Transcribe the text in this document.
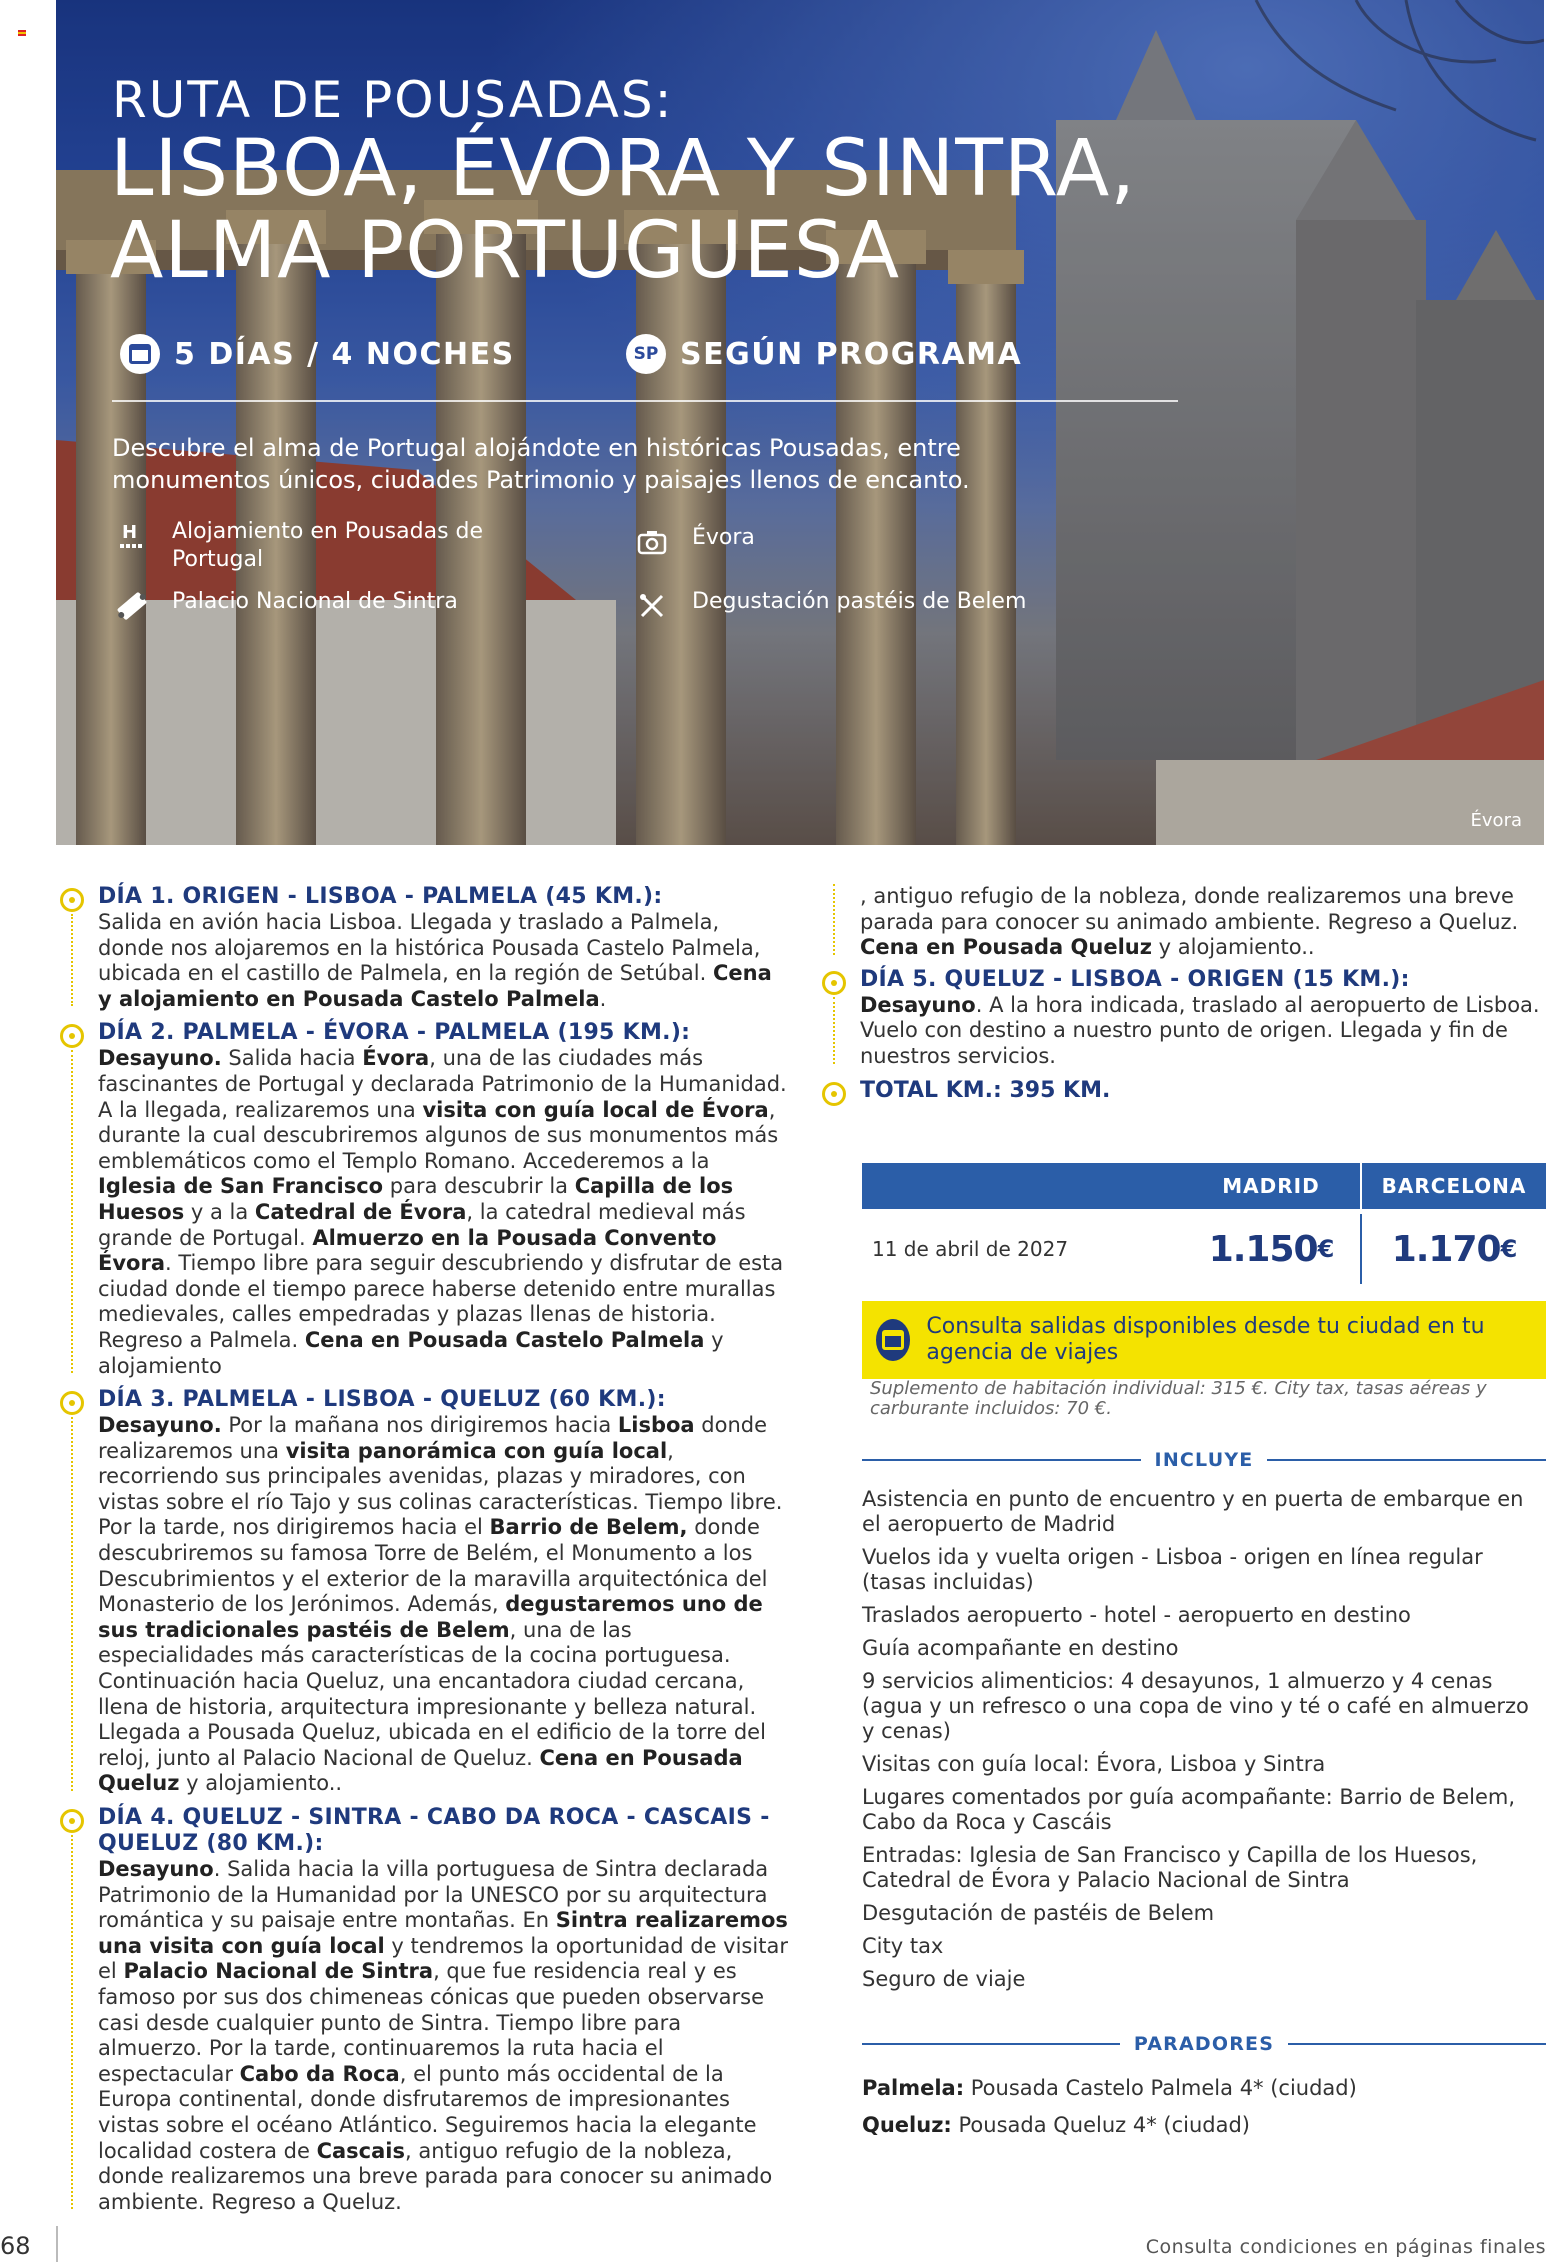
RUTA DE POUSADAS:
LISBOA, ÉVORA Y SINTRA, ALMA PORTUGUESA
5 DÍAS / 4 NOCHES	SP SEGÚN PROGRAMA

Descubre el alma de Portugal alojándote en históricas Pousadas, entre monumentos únicos, ciudades Patrimonio y paisajes llenos de encanto.

H Alojamiento en Pousadas de Portugal
Évora
Palacio Nacional de Sintra	Degustación pastéis de Belem
Évora
DÍA 1. ORIGEN - LISBOA - PALMELA (45 KM.):

Salida en avión hacia Lisboa. Llegada y traslado a Palmela, donde nos alojaremos en la histórica Pousada Castelo Palmela, ubicada en el castillo de Palmela, en la región de Setúbal. Cena y alojamiento en Pousada Castelo Palmela.

DÍA 2. PALMELA - ÉVORA - PALMELA (195 KM.):

Desayuno. Salida hacia Évora, una de las ciudades más fascinantes de Portugal y declarada Patrimonio de la Humanidad. A la llegada, realizaremos una visita con guía local de Évora, durante la cual descubriremos algunos de sus monumentos más emblemáticos como el Templo Romano. Accederemos a la Iglesia de San Francisco para descubrir la Capilla de los Huesos y a la Catedral de Évora, la catedral medieval más grande de Portugal. Almuerzo en la Pousada Convento Évora. Tiempo libre para seguir descubriendo y disfrutar de esta ciudad donde el tiempo parece haberse detenido entre murallas medievales, calles empedradas y plazas llenas de historia. Regreso a Palmela. Cena en Pousada Castelo Palmela y alojamiento

DÍA 3. PALMELA - LISBOA - QUELUZ (60 KM.):

Desayuno. Por la mañana nos dirigiremos hacia Lisboa donde realizaremos una visita panorámica con guía local, recorriendo sus principales avenidas, plazas y miradores, con vistas sobre el río Tajo y sus colinas características. Tiempo libre. Por la tarde, nos dirigiremos hacia el Barrio de Belem, donde descubriremos su famosa Torre de Belém, el Monumento a los Descubrimientos y el exterior de la maravilla arquitectónica del Monasterio de los Jerónimos. Además, degustaremos uno de sus tradicionales pastéis de Belem, una de las especialidades más características de la cocina portuguesa. Continuación hacia Queluz, una encantadora ciudad cercana, llena de historia, arquitectura impresionante y belleza natural. Llegada a Pousada Queluz, ubicada en el edificio de la torre del reloj, junto al Palacio Nacional de Queluz. Cena en Pousada Queluz y alojamiento..

DÍA 4. QUELUZ - SINTRA - CABO DA ROCA - CASCAIS - QUELUZ (80 KM.):

Desayuno. Salida hacia la villa portuguesa de Sintra declarada Patrimonio de la Humanidad por la UNESCO por su arquitectura romántica y su paisaje entre montañas. En Sintra realizaremos una visita con guía local y tendremos la oportunidad de visitar el Palacio Nacional de Sintra, que fue residencia real y es famoso por sus dos chimeneas cónicas que pueden observarse casi desde cualquier punto de Sintra. Tiempo libre para almuerzo. Por la tarde, continuaremos la ruta hacia el espectacular Cabo da Roca, el punto más occidental de la Europa continental, donde disfrutaremos de impresionantes vistas sobre el océano Atlántico. Seguiremos hacia la elegante localidad costera de Cascais, antiguo refugio de la nobleza, donde realizaremos una breve parada para conocer su animado ambiente. Regreso a Queluz.

, antiguo refugio de la nobleza, donde realizaremos una breve parada para conocer su animado ambiente. Regreso a Queluz. Cena en Pousada Queluz y alojamiento..

DÍA 5. QUELUZ - LISBOA - ORIGEN (15 KM.):

Desayuno. A la hora indicada, traslado al aeropuerto de Lisboa. Vuelo con destino a nuestro punto de origen. Llegada y fin de nuestros servicios.

TOTAL KM.: 395 KM.
MADRID	BARCELONA
11 de abril de 2027	1.150 € 1.170 €
Consulta salidas disponibles desde tu ciudad en tu agencia de viajes

Suplemento de habitación individual: 315 €. City tax, tasas aéreas y carburante incluidos: 70 €.

INCLUYE
Asistencia en punto de encuentro y en puerta de embarque en el aeropuerto de Madrid
Vuelos ida y vuelta origen - Lisboa - origen en línea regular (tasas incluidas)
Traslados aeropuerto - hotel - aeropuerto en destino
Guía acompañante en destino
9 servicios alimenticios: 4 desayunos, 1 almuerzo y 4 cenas (agua y un refresco o una copa de vino y té o café en almuerzo y cenas)
Visitas con guía local: Évora, Lisboa y Sintra
Lugares comentados por guía acompañante: Barrio de Belem, Cabo da Roca y Cascáis
Entradas: Iglesia de San Francisco y Capilla de los Huesos, Catedral de Évora y Palacio Nacional de Sintra
Desgutación de pastéis de Belem
City tax
Seguro de viaje
PARADORES

Palmela: Pousada Castelo Palmela 4* (ciudad)

Queluz: Pousada Queluz 4* (ciudad)

68	Consulta condiciones en páginas finales
